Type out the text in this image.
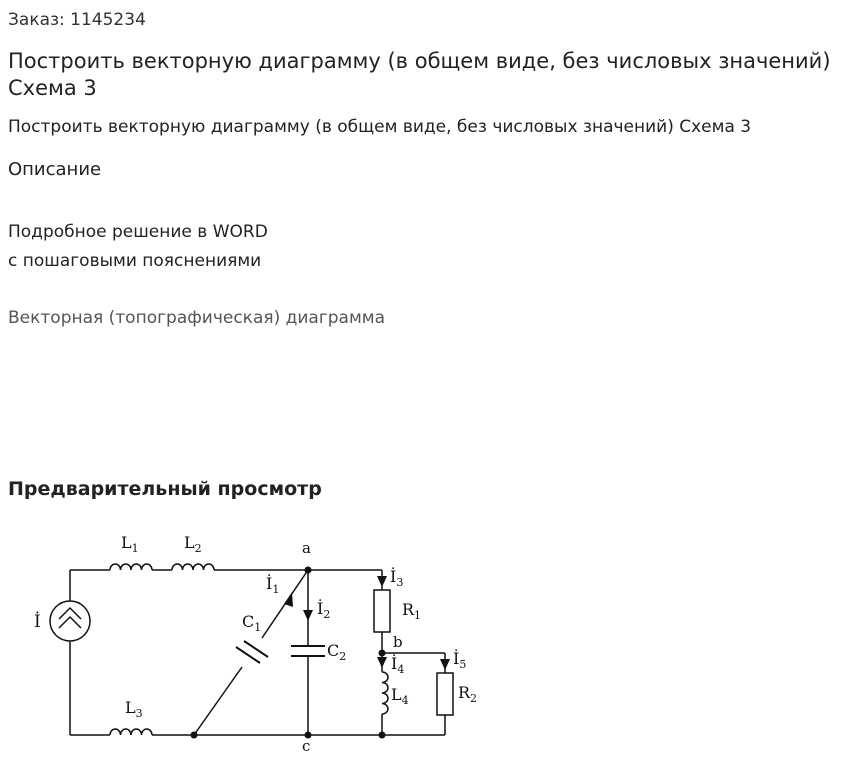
Заказ: 1145234
Построить векторную диаграмму (в общем виде, без числовых значений) Схема 3
Построить векторную диаграмму (в общем виде, без числовых значений) Схема 3
Описание
Подробное решение в WORD
с пошаговыми пояснениями
Векторная (топографическая) диаграмма
Предварительный просмотр
İ
$L_1$	$L_2$
$L_3$
$L_4$
$C_1$
$C_2$
$R_1$
$R_2$
$İ_1$
$İ_2$
$İ_3$
$İ_4$
$İ_5$
a
b
c
